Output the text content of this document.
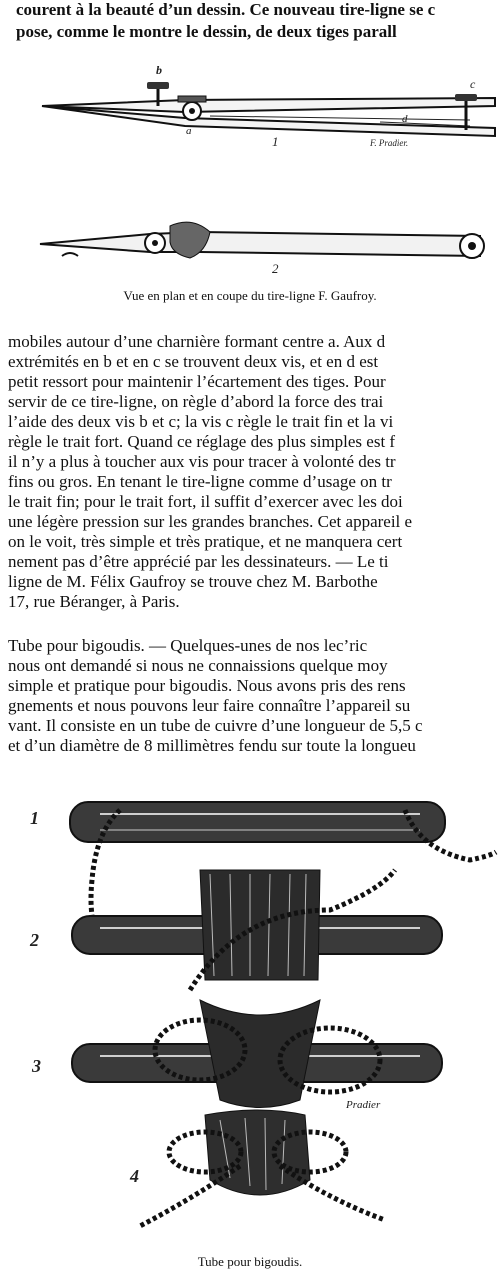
courent à la beauté d’un dessin. Ce nouveau tire-ligne se c
pose, comme le montre le dessin, de deux tiges parall
b
c
a
d
1	F. Pradier.
2
Vue en plan et en coupe du tire-ligne F. Gaufroy.
mobiles autour d’une charnière formant centre a. Aux d
extrémités en b et en c se trouvent deux vis, et en d est
petit ressort pour maintenir l’écartement des tiges. Pour
servir de ce tire-ligne, on règle d’abord la force des trai
l’aide des deux vis b et c; la vis c règle le trait fin et la vi
règle le trait fort. Quand ce réglage des plus simples est f
il n’y a plus à toucher aux vis pour tracer à volonté des tr
fins ou gros. En tenant le tire-ligne comme d’usage on tr
le trait fin; pour le trait fort, il suffit d’exercer avec les doi
une légère pression sur les grandes branches. Cet appareil e
on le voit, très simple et très pratique, et ne manquera cert
nement pas d’être apprécié par les dessinateurs. — Le ti
ligne de M. Félix Gaufroy se trouve chez M. Barbothe
17, rue Béranger, à Paris.
Tube pour bigoudis. — Quelques-unes de nos lec’ric
nous ont demandé si nous ne connaissions quelque moy
simple et pratique pour bigoudis. Nous avons pris des rens
gnements et nous pouvons leur faire connaître l’appareil su
vant. Il consiste en un tube de cuivre d’une longueur de 5,5 c
et d’un diamètre de 8 millimètres fendu sur toute la longueu
1
2
3
Pradier
4
Tube pour bigoudis.
